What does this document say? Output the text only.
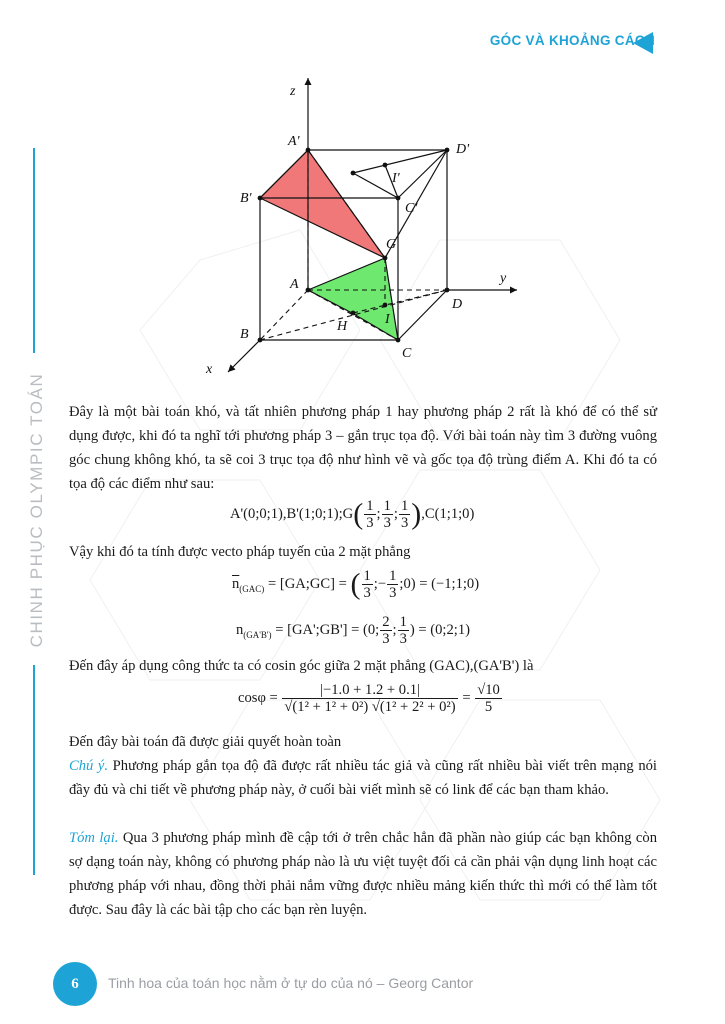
GÓC VÀ KHOẢNG CÁCH
CHINH PHỤC OLYMPIC TOÁN
z
y
x
A'
B'
C'
D'
I'
G
A
B
C
D
H	I
Đây là một bài toán khó, và tất nhiên phương pháp 1 hay phương pháp 2 rất là khó để có thể sử dụng được, khi đó ta nghĩ tới phương pháp 3 – gắn trục tọa độ. Với bài toán này tìm 3 đường vuông góc chung không khó, ta sẽ coi 3 trục tọa độ như hình vẽ và gốc tọa độ trùng điểm A. Khi đó ta có tọa độ các điểm như sau:
A'(0;0;1),B'(1;0;1);G( $\frac{1}{3}$ ; $\frac{1}{3}$ ; $\frac{1}{3}$ ),C(1;1;0)
Vậy khi đó ta tính được vecto pháp tuyến của 2 mặt phẳng
$\overline{n}_{(GAC)}$ = [GA;GC] = ( $\frac{1}{3}$ ;− $\frac{1}{3}$ ;0) = (−1;1;0)
$n_{(GA'B')}$ = [GA';GB'] = (0; $\frac{2}{3}$ ; $\frac{1}{3}$ ) = (0;2;1)
Đến đây áp dụng công thức ta có cosin góc giữa 2 mặt phẳng (GAC),(GA'B') là
$\cos\varphi = \frac{|-1.0 + 1.2 + 0.1|}{\text{√(1² + 1² + 0²) √(1² + 2² + 0²)}} = \frac{√10}{5}$
Đến đây bài toán đã được giải quyết hoàn toàn
Chú ý. Phương pháp gắn tọa độ đã được rất nhiều tác giả và cũng rất nhiều bài viết trên mạng nói đầy đủ và chi tiết về phương pháp này, ở cuối bài viết mình sẽ có link để các bạn tham khảo.
Tóm lại. Qua 3 phương pháp mình đề cập tới ở trên chắc hẳn đã phần nào giúp các bạn không còn sợ dạng toán này, không có phương pháp nào là ưu việt tuyệt đối cả cần phải vận dụng linh hoạt các phương pháp với nhau, đồng thời phải nắm vững được nhiều mảng kiến thức thì mới có thể làm tốt được. Sau đây là các bài tập cho các bạn rèn luyện.
6	Tinh hoa của toán học nằm ở tự do của nó – Georg Cantor
